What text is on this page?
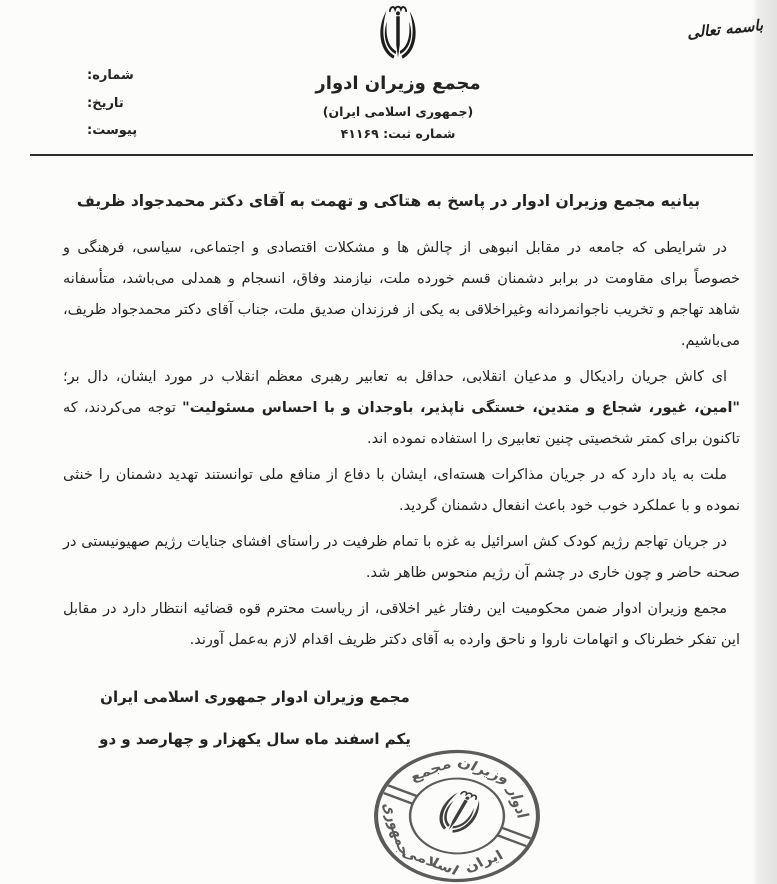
باسمه تعالی
مجمع وزیران ادوار
(جمهوری اسلامی ایران)
شماره ثبت: ۴۱۱۶۹
شماره:
تاریخ:
پیوست:
بیانیه مجمع وزیران ادوار در پاسخ به هتاکی و تهمت به آقای دکتر محمدجواد ظریف

در شرایطی که جامعه در مقابل انبوهی از چالش ها و مشکلات اقتصادی و اجتماعی، سیاسی، فرهنگی و خصوصاً برای مقاومت در برابر دشمنان قسم خورده ملت، نیازمند وفاق، انسجام و همدلی می‌باشد، متأسفانه شاهد تهاجم و تخریب ناجوانمردانه وغیراخلاقی به یکی از فرزندان صدیق ملت، جناب آقای دکتر محمدجواد ظریف، می‌باشیم.

ای کاش جریان رادیکال و مدعیان انقلابی، حداقل به تعابیر رهبری معظم انقلاب در مورد ایشان، دال بر؛ "امین، غیور، شجاع و متدین، خستگی ناپذیر، باوجدان و با احساس مسئولیت" توجه می‌کردند، که تاکنون برای کمتر شخصیتی چنین تعابیری را استفاده نموده اند.

ملت به یاد دارد که در جریان مذاکرات هسته‌ای، ایشان با دفاع از منافع ملی توانستند تهدید دشمنان را خنثی نموده و با عملکرد خوب خود باعث انفعال دشمنان گردید.

در جریان تهاجم رژیم کودک کش اسرائیل به غزه با تمام ظرفیت در راستای افشای جنایات رژیم صهیونیستی در صحنه حاضر و چون خاری در چشم آن رژیم منحوس ظاهر شد.

مجمع وزیران ادوار ضمن محکومیت این رفتار غیر اخلاقی، از ریاست محترم قوه قضائیه انتظار دارد در مقابل این تفکر خطرناک و اتهامات ناروا و ناحق وارده به آقای دکتر ظریف اقدام لازم به‌عمل آورند.

مجمع وزیران ادوار جمهوری اسلامی ایران
یکم اسفند ماه سال یکهزار و چهارصد و دو
مجمع وزیران
ادوار
جمهوری
اسلامی ایران
